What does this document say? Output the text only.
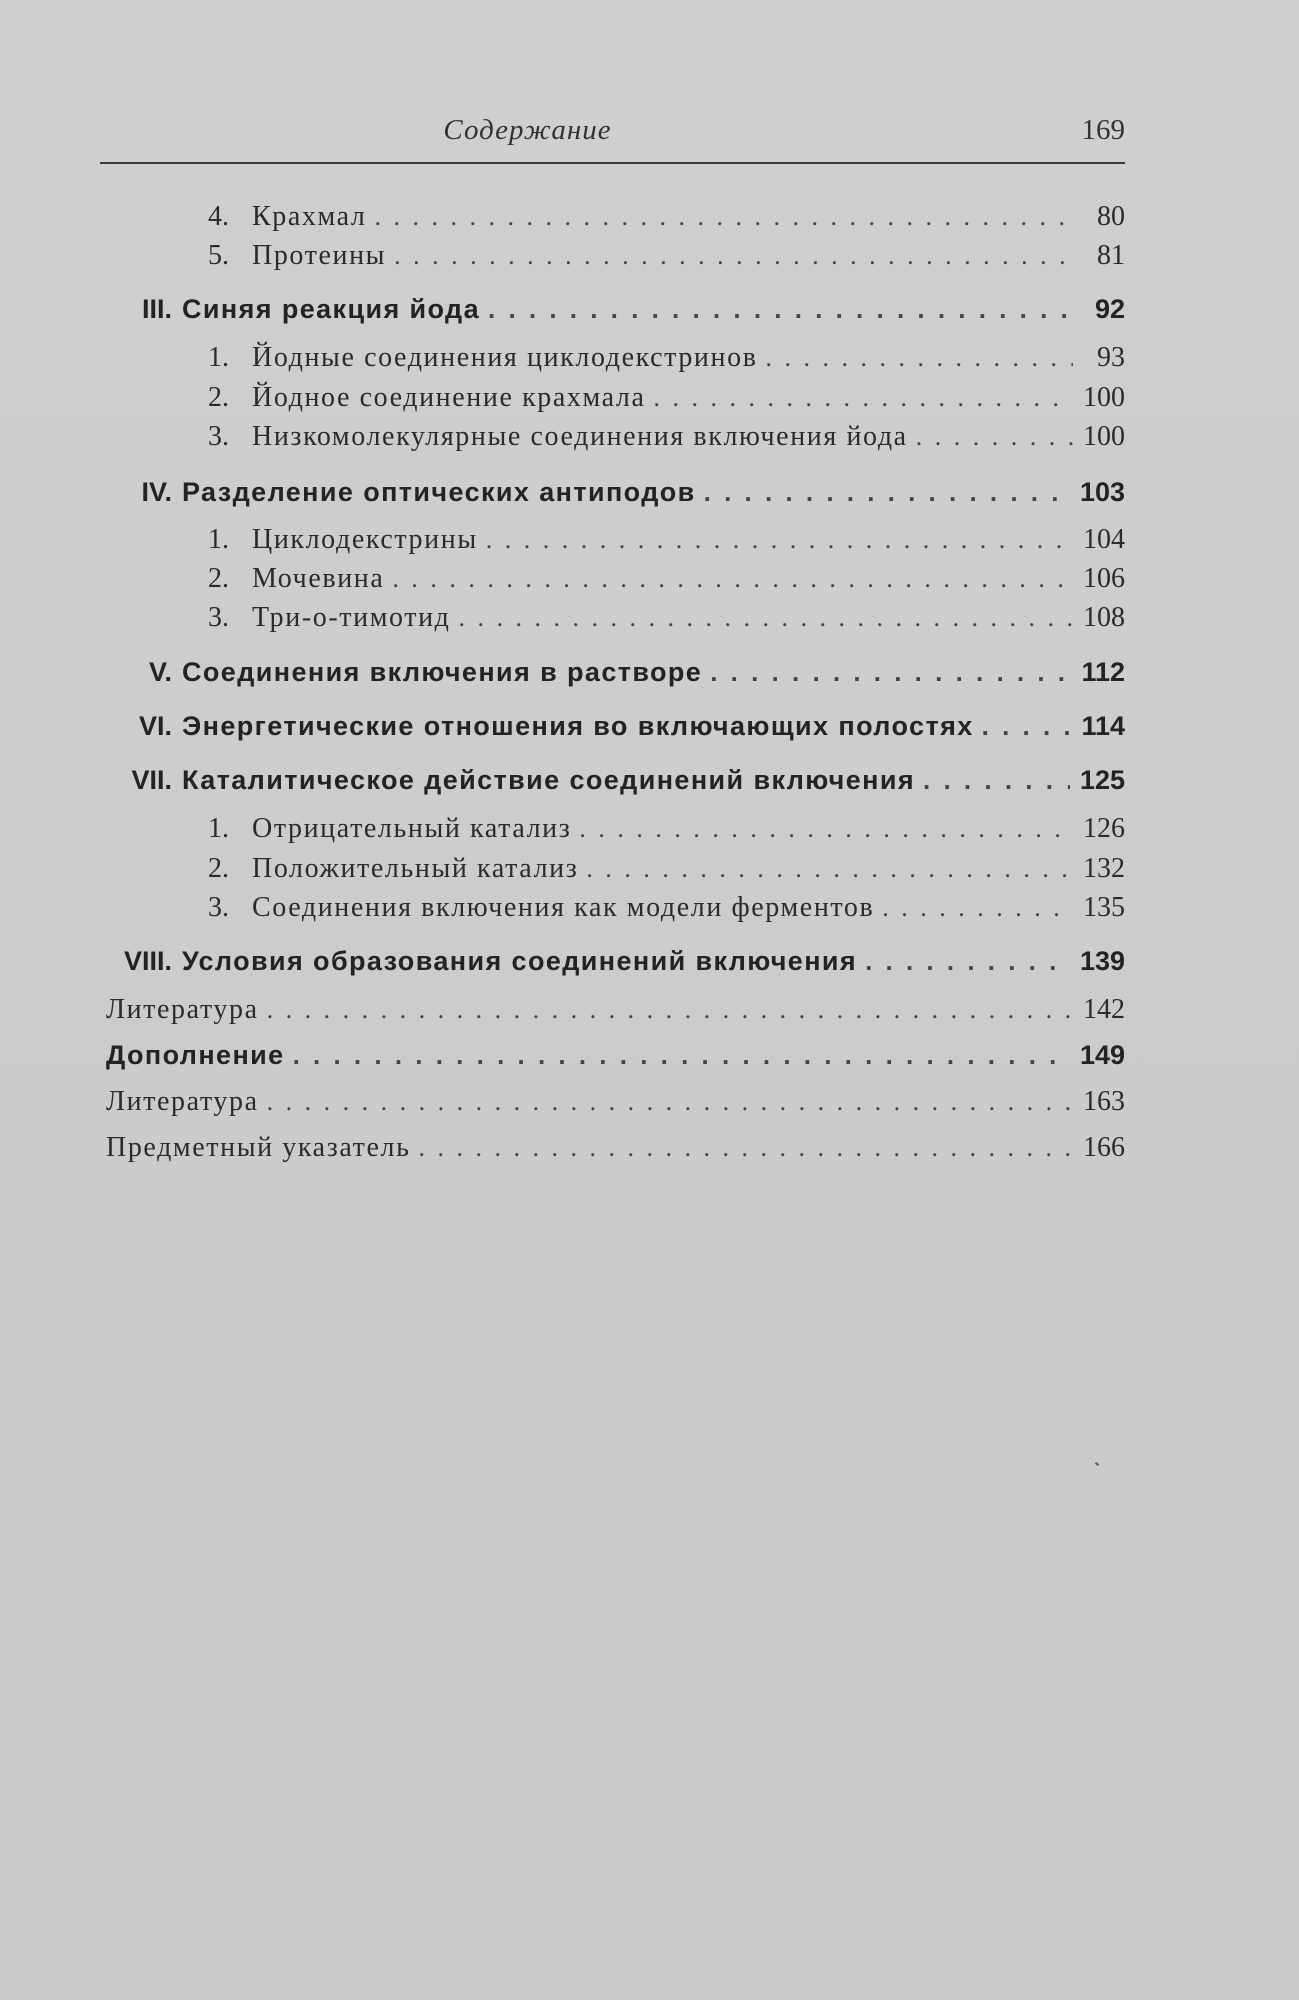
Содержание	169
4. Крахмал . . .	80
5. Протеины . . .	81
III. Синяя реакция йода . . .	92
1. Йодные соединения циклодекстринов . . .	93
2. Йодное соединение крахмала . . .	100
3. Низкомолекулярные соединения включения йода . . .	100
IV. Разделение оптических антиподов . . .	103
1. Циклодекстрины . . .	104
2. Мочевина . . .	106
3. Три-о-тимотид . . .	108
V. Соединения включения в растворе . . .	112
VI. Энергетические отношения во включающих полостях . . .	114
VII. Каталитическое действие соединений включения . . .	125
1. Отрицательный катализ . . .	126
2. Положительный катализ . . .	132
3. Соединения включения как модели ферментов . . .	135
VIII. Условия образования соединений включения . . .	139
Литература . . .	142
Дополнение . . .	149
Литература . . .	163
Предметный указатель . . .	166
